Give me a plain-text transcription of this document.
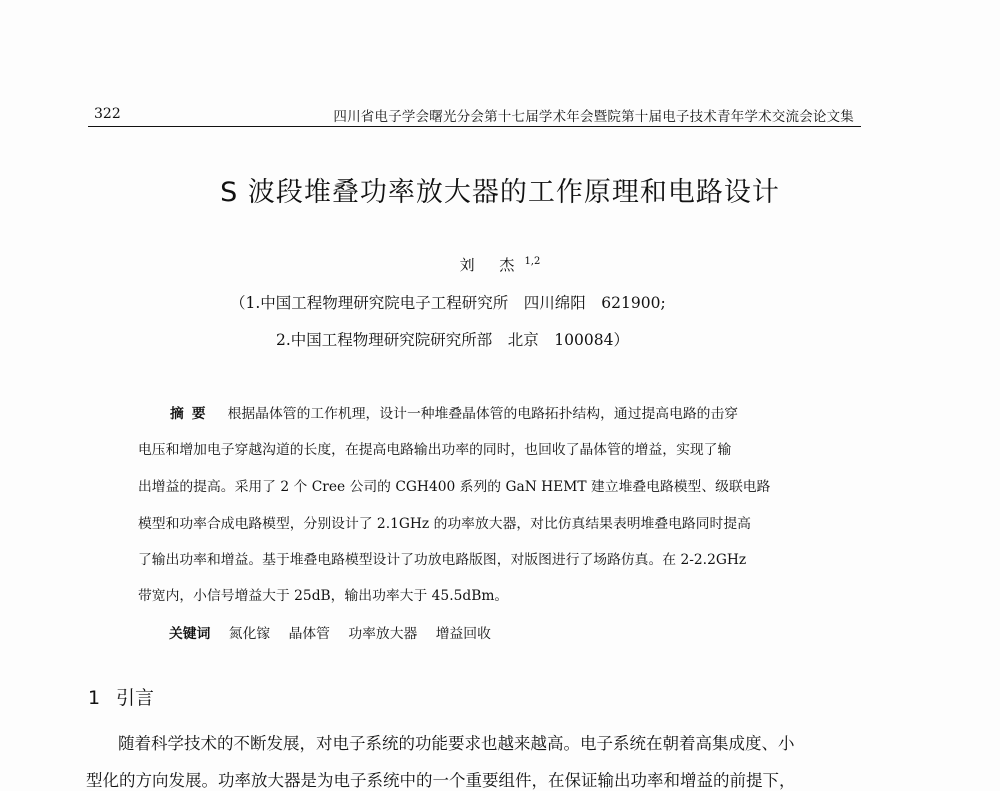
322	四川省电子学会曙光分会第十七届学术年会暨院第十届电子技术青年学术交流会论文集
S 波段堆叠功率放大器的工作原理和电路设计
刘 杰$^{1,2}$
（1.中国工程物理研究院电子工程研究所　四川绵阳　621900;
2.中国工程物理研究院研究所部　北京　100084）
摘要 根据晶体管的工作机理，设计一种堆叠晶体管的电路拓扑结构，通过提高电路的击穿
电压和增加电子穿越沟道的长度，在提高电路输出功率的同时，也回收了晶体管的增益，实现了输
出增益的提高。采用了 2 个 Cree 公司的 CGH400 系列的 GaN HEMT 建立堆叠电路模型、级联电路
模型和功率合成电路模型，分别设计了 2.1GHz 的功率放大器，对比仿真结果表明堆叠电路同时提高
了输出功率和增益。基于堆叠电路模型设计了功放电路版图，对版图进行了场路仿真。在 2-2.2GHz
带宽内，小信号增益大于 25dB，输出功率大于 45.5dBm。
关键词 氮化镓 晶体管 功率放大器 增益回收
1 引言
随着科学技术的不断发展，对电子系统的功能要求也越来越高。电子系统在朝着高集成度、小
型化的方向发展。功率放大器是为电子系统中的一个重要组件，在保证输出功率和增益的前提下，
